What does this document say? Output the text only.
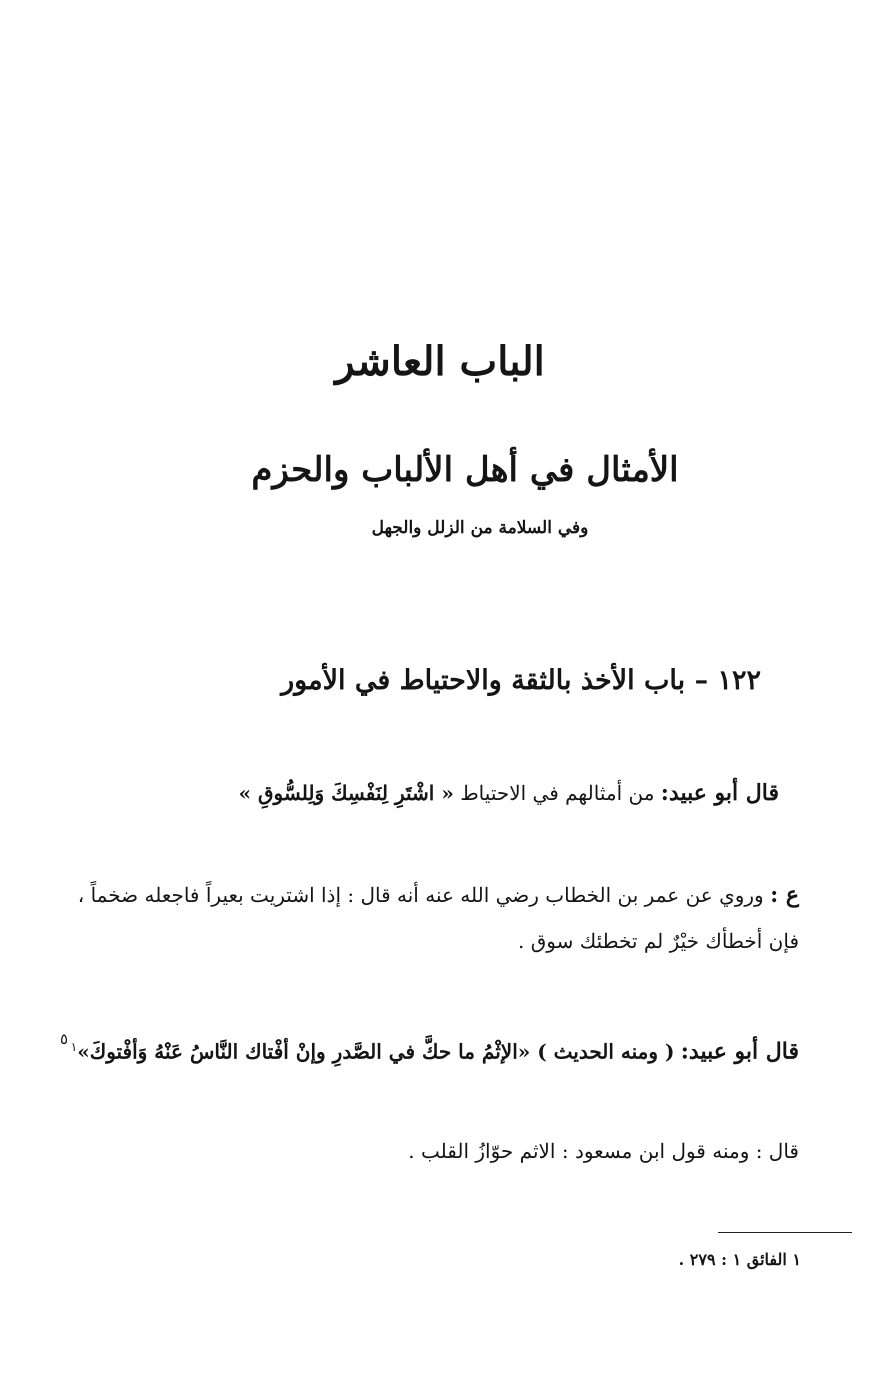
الباب العاشر
الأمثال في أهل الألباب والحزم
وفي السلامة من الزلل والجهل
١٢٢ – باب الأخذ بالثقة والاحتياط في الأمور
قال أبو عبيد: من أمثالهم في الاحتياط « اشْتَرِ لِنَفْسِكَ وَلِلسُّوقِ »
ع : وروي عن عمر بن الخطاب رضي الله عنه أنه قال : إذا اشتريت بعيراً فاجعله ضخماً ، فإن أخطأك خيْرٌ لم تخطئك سوق .
٥	قال أبو عبيد: ( ومنه الحديث ) «الإثْمُ ما حكَّ في الصَّدرِ وإنْ أفْتاك النَّاسُ عَنْهُ وَأفْتوكَ»$^١$
قال : ومنه قول ابن مسعود : الاثم حوّازُ القلب .
١ الفائق ١ : ٢٧٩ .
